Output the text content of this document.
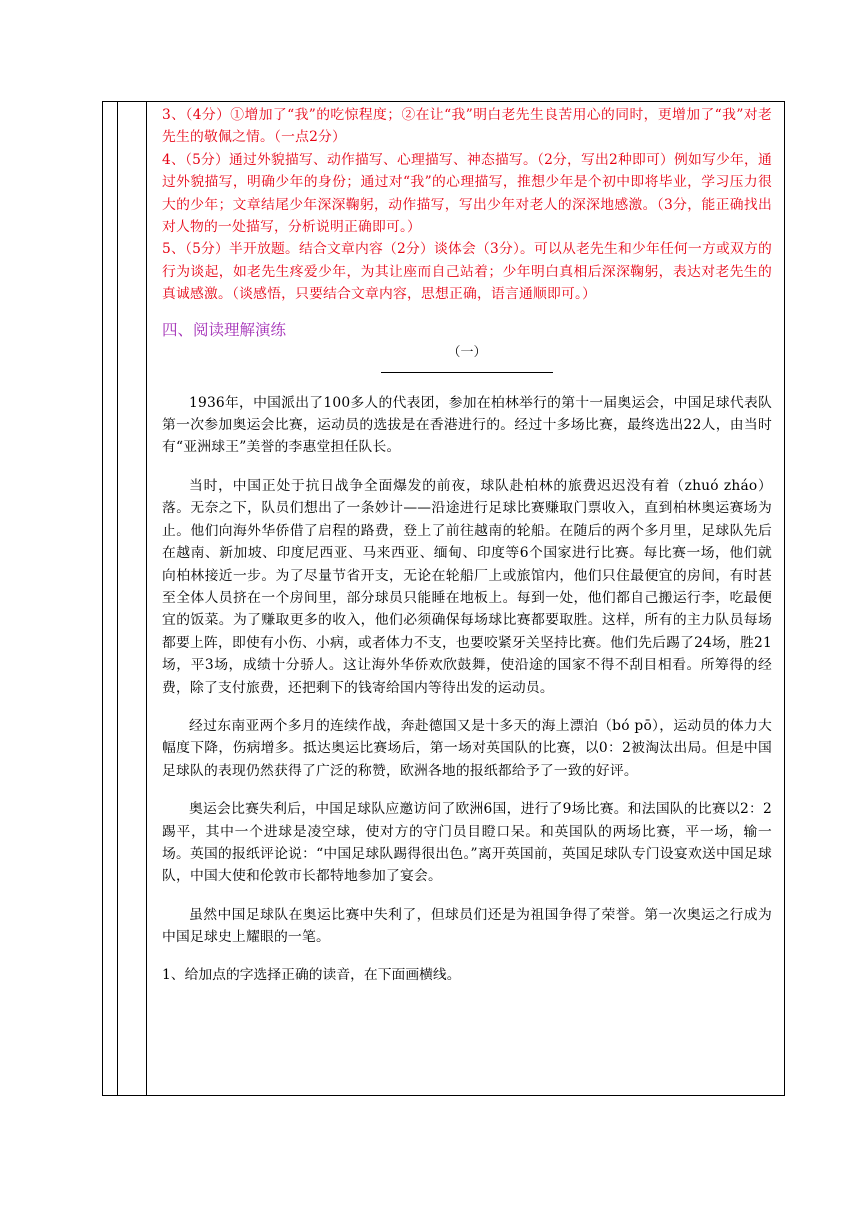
3、（4分）①增加了“我”的吃惊程度；②在让“我”明白老先生良苦用心的同时，更增加了“我”对老先生的敬佩之情。（一点2分）

4、（5分）通过外貌描写、动作描写、心理描写、神态描写。（2分，写出2种即可）例如写少年，通过外貌描写，明确少年的身份；通过对“我”的心理描写，推想少年是个初中即将毕业，学习压力很大的少年；文章结尾少年深深鞠躬，动作描写，写出少年对老人的深深地感激。（3分，能正确找出对人物的一处描写，分析说明正确即可。）

5、（5分）半开放题。结合文章内容（2分）谈体会（3分）。可以从老先生和少年任何一方或双方的行为谈起，如老先生疼爱少年，为其让座而自己站着；少年明白真相后深深鞠躬，表达对老先生的真诚感激。（谈感悟，只要结合文章内容，思想正确，语言通顺即可。）

四、阅读理解演练
（一）

1936年，中国派出了100多人的代表团，参加在柏林举行的第十一届奥运会，中国足球代表队第一次参加奥运会比赛，运动员的选拔是在香港进行的。经过十多场比赛，最终选出22人，由当时有“亚洲球王”美誉的李惠堂担任队长。

当时，中国正处于抗日战争全面爆发的前夜，球队赴柏林的旅费迟迟没有着（zhuó zháo）落。无奈之下，队员们想出了一条妙计——沿途进行足球比赛赚取门票收入，直到柏林奥运赛场为止。他们向海外华侨借了启程的路费，登上了前往越南的轮船。在随后的两个多月里，足球队先后在越南、新加坡、印度尼西亚、马来西亚、缅甸、印度等6个国家进行比赛。每比赛一场，他们就向柏林接近一步。为了尽量节省开支，无论在轮船厂上或旅馆内，他们只住最便宜的房间，有时甚至全体人员挤在一个房间里，部分球员只能睡在地板上。每到一处，他们都自己搬运行李，吃最便宜的饭菜。为了赚取更多的收入，他们必须确保每场球比赛都要取胜。这样，所有的主力队员每场都要上阵，即使有小伤、小病，或者体力不支，也要咬紧牙关坚持比赛。他们先后踢了24场，胜21场，平3场，成绩十分骄人。这让海外华侨欢欣鼓舞，使沿途的国家不得不刮目相看。所筹得的经费，除了支付旅费，还把剩下的钱寄给国内等待出发的运动员。

经过东南亚两个多月的连续作战，奔赴德国又是十多天的海上漂泊（bó pō），运动员的体力大幅度下降，伤病增多。抵达奥运比赛场后，第一场对英国队的比赛，以0：2被淘汰出局。但是中国足球队的表现仍然获得了广泛的称赞，欧洲各地的报纸都给予了一致的好评。

奥运会比赛失利后，中国足球队应邀访问了欧洲6国，进行了9场比赛。和法国队的比赛以2：2踢平，其中一个进球是凌空球，使对方的守门员目瞪口呆。和英国队的两场比赛，平一场，输一场。英国的报纸评论说：“中国足球队踢得很出色。”离开英国前，英国足球队专门设宴欢送中国足球队，中国大使和伦敦市长都特地参加了宴会。

虽然中国足球队在奥运比赛中失利了，但球员们还是为祖国争得了荣誉。第一次奥运之行成为中国足球史上耀眼的一笔。

1、给加点的字选择正确的读音，在下面画横线。
